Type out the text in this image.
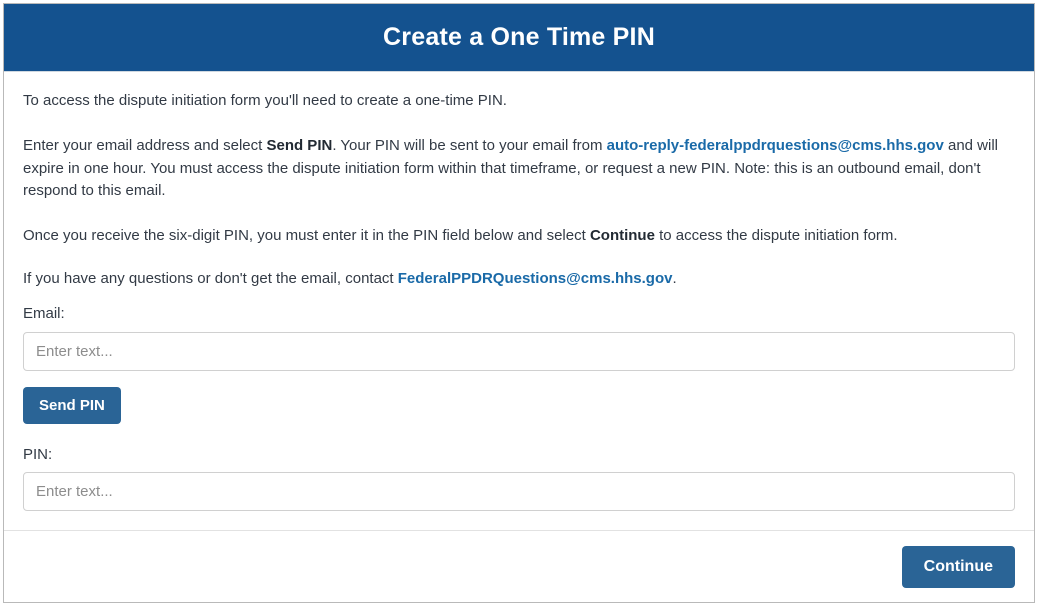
Create a One Time PIN

To access the dispute initiation form you'll need to create a one-time PIN.

Enter your email address and select Send PIN. Your PIN will be sent to your email from auto-reply-federalppdrquestions@cms.hhs.gov and will expire in one hour. You must access the dispute initiation form within that timeframe, or request a new PIN. Note: this is an outbound email, don't respond to this email.

Once you receive the six-digit PIN, you must enter it in the PIN field below and select Continue to access the dispute initiation form.

If you have any questions or don't get the email, contact FederalPPDRQuestions@cms.hhs.gov.

Email:
Enter text...
Send PIN
PIN:
Enter text...
Continue
